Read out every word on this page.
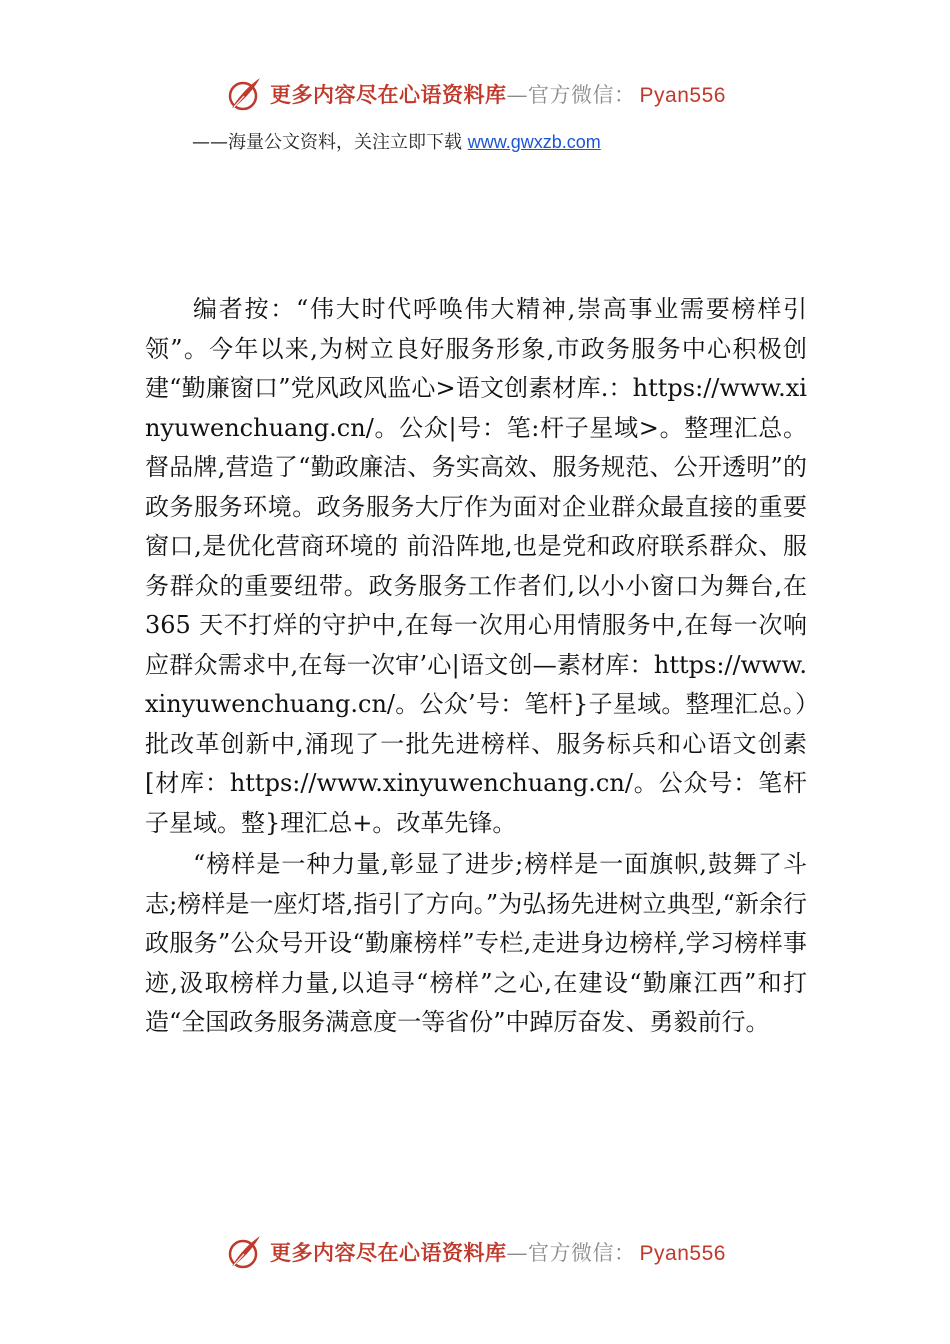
更多内容尽在心语资料库—官方微信： Pyan556
——海量公文资料，关注立即下载 www.gwxzb.com

编者按：“伟大时代呼唤伟大精神,崇高事业需要榜样引领”。今年以来,为树立良好服务形象,市政务服务中心积极创建“勤廉窗口”党风政风监心>语文创素材库.：https://www.xinyuwenchuang.cn/。公众|号：笔:杆子星域>。整理汇总。督品牌,营造了“勤政廉洁、务实高效、服务规范、公开透明”的政务服务环境。政务服务大厅作为面对企业群众最直接的重要窗口,是优化营商环境的 前沿阵地,也是党和政府联系群众、服务群众的重要纽带。政务服务工作者们,以小小窗口为舞台,在 365 天不打烊的守护中,在每一次用心用情服务中,在每一次响应群众需求中,在每一次审’心|语文创—素材库：https://www.xinyuwenchuang.cn/。公众’号：笔杆}子星域。整理汇总。）批改革创新中,涌现了一批先进榜样、服务标兵和心语文创素[材库：https://www.xinyuwenchuang.cn/。公众号：笔杆子星域。整}理汇总+。改革先锋。

“榜样是一种力量,彰显了进步;榜样是一面旗帜,鼓舞了斗志;榜样是一座灯塔,指引了方向。”为弘扬先进树立典型,“新余行政服务”公众号开设“勤廉榜样”专栏,走进身边榜样,学习榜样事迹,汲取榜样力量,以追寻“榜样”之心,在建设“勤廉江西”和打造“全国政务服务满意度一等省份”中踔厉奋发、勇毅前行。

更多内容尽在心语资料库—官方微信： Pyan556
